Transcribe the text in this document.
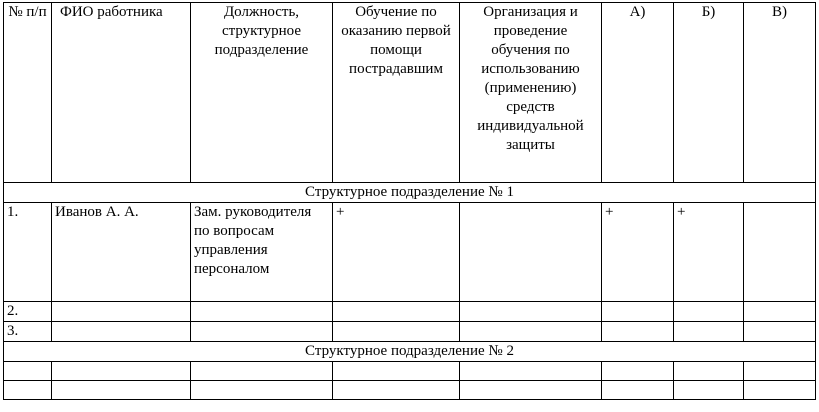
№ п/п	ФИО работника	Должность, структурное подразделение	Обучение по оказанию первой помощи пострадавшим	Организация и проведение обучения по использованию (применению) средств индивидуальной защиты	А)	Б)	В)
Структурное подразделение № 1							
1.	Иванов А. А.	Зам. руководителя по вопросам управления персоналом	+		+	+	
2.							
3.							
Структурное подразделение № 2							
